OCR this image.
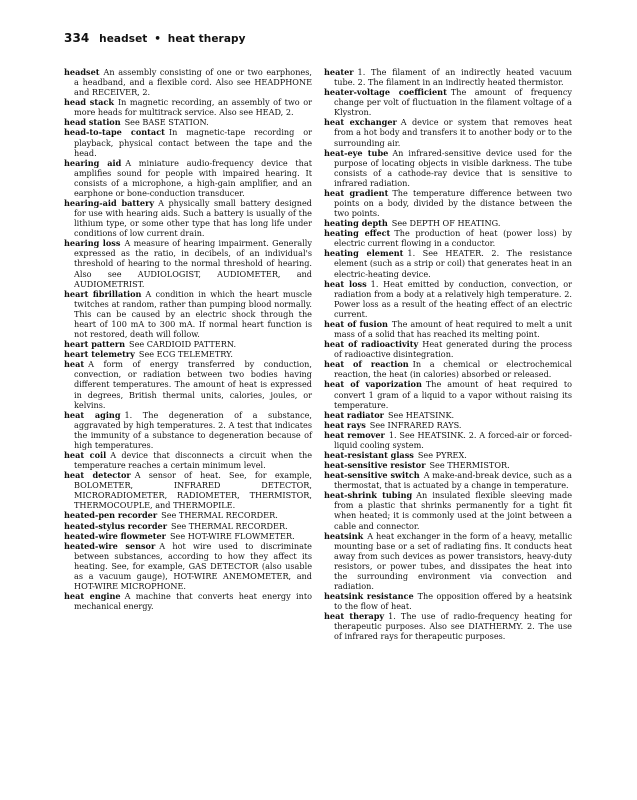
334 headset • heat therapy

headset An assembly consisting of one or two earphones, a headband, and a flexible cord. Also see HEADPHONE and RECEIVER, 2.

head stack In magnetic recording, an assembly of two or more heads for multitrack service. Also see HEAD, 2.

head station See BASE STATION.

head-to-tape contact In magnetic-tape recording or playback, physical contact between the tape and the head.

hearing aid A miniature audio-frequency device that amplifies sound for people with impaired hearing. It consists of a microphone, a high-gain amplifier, and an earphone or bone-conduction transducer.

hearing-aid battery A physically small battery designed for use with hearing aids. Such a battery is usually of the lithium type, or some other type that has long life under conditions of low current drain.

hearing loss A measure of hearing impairment. Generally expressed as the ratio, in decibels, of an individual's threshold of hearing to the normal threshold of hearing. Also see AUDIOLOGIST, AUDIOMETER, and AUDIOMETRIST.

heart fibrillation A condition in which the heart muscle twitches at random, rather than pumping blood normally. This can be caused by an electric shock through the heart of 100 mA to 300 mA. If normal heart function is not restored, death will follow.

heart pattern See CARDIOID PATTERN.

heart telemetry See ECG TELEMETRY.

heat A form of energy transferred by conduction, convection, or radiation between two bodies having different temperatures. The amount of heat is expressed in degrees, British thermal units, calories, joules, or kelvins.

heat aging 1. The degeneration of a substance, aggravated by high temperatures. 2. A test that indicates the immunity of a substance to degeneration because of high temperatures.

heat coil A device that disconnects a circuit when the temperature reaches a certain minimum level.

heat detector A sensor of heat. See, for example, BOLOMETER, INFRARED DETECTOR, MICRORADIOMETER, RADIOMETER, THERMISTOR, THERMOCOUPLE, and THERMOPILE.

heated-pen recorder See THERMAL RECORDER.

heated-stylus recorder See THERMAL RECORDER.

heated-wire flowmeter See HOT-WIRE FLOWMETER.

heated-wire sensor A hot wire used to discriminate between substances, according to how they affect its heating. See, for example, GAS DETECTOR (also usable as a vacuum gauge), HOT-WIRE ANEMOMETER, and HOT-WIRE MICROPHONE.

heat engine A machine that converts heat energy into mechanical energy.

heater 1. The filament of an indirectly heated vacuum tube. 2. The filament in an indirectly heated thermistor.

heater-voltage coefficient The amount of frequency change per volt of fluctuation in the filament voltage of a Klystron.

heat exchanger A device or system that removes heat from a hot body and transfers it to another body or to the surrounding air.

heat-eye tube An infrared-sensitive device used for the purpose of locating objects in visible darkness. The tube consists of a cathode-ray device that is sensitive to infrared radiation.

heat gradient The temperature difference between two points on a body, divided by the distance between the two points.

heating depth See DEPTH OF HEATING.

heating effect The production of heat (power loss) by electric current flowing in a conductor.

heating element 1. See HEATER. 2. The resistance element (such as a strip or coil) that generates heat in an electric-heating device.

heat loss 1. Heat emitted by conduction, convection, or radiation from a body at a relatively high temperature. 2. Power loss as a result of the heating effect of an electric current.

heat of fusion The amount of heat required to melt a unit mass of a solid that has reached its melting point.

heat of radioactivity Heat generated during the process of radioactive disintegration.

heat of reaction In a chemical or electrochemical reaction, the heat (in calories) absorbed or released.

heat of vaporization The amount of heat required to convert 1 gram of a liquid to a vapor without raising its temperature.

heat radiator See HEATSINK.

heat rays See INFRARED RAYS.

heat remover 1. See HEATSINK. 2. A forced-air or forced-liquid cooling system.

heat-resistant glass See PYREX.

heat-sensitive resistor See THERMISTOR.

heat-sensitive switch A make-and-break device, such as a thermostat, that is actuated by a change in temperature.

heat-shrink tubing An insulated flexible sleeving made from a plastic that shrinks permanently for a tight fit when heated; it is commonly used at the joint between a cable and connector.

heatsink A heat exchanger in the form of a heavy, metallic mounting base or a set of radiating fins. It conducts heat away from such devices as power transistors, heavy-duty resistors, or power tubes, and dissipates the heat into the surrounding environment via convection and radiation.

heatsink resistance The opposition offered by a heatsink to the flow of heat.

heat therapy 1. The use of radio-frequency heating for therapeutic purposes. Also see DIATHERMY. 2. The use of infrared rays for therapeutic purposes.
